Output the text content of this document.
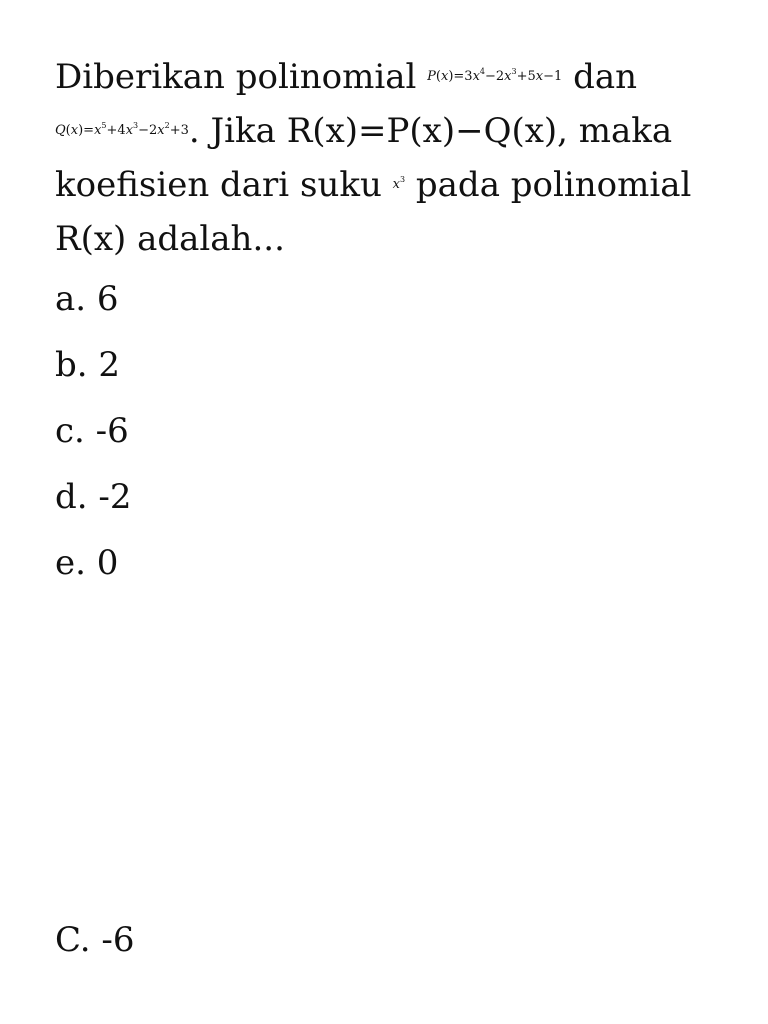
Diberikan polinomial $^{P(x)=3x^4-2x^3+5x-1}$ dan $^{Q(x)=x^5+4x^3-2x^2+3}$. Jika R(x)=P(x)−Q(x), maka koefisien dari suku $^{x^3}$ pada polinomial R(x) adalah...

a. 6
b. 2
c. -6
d. -2
e. 0
C. -6
